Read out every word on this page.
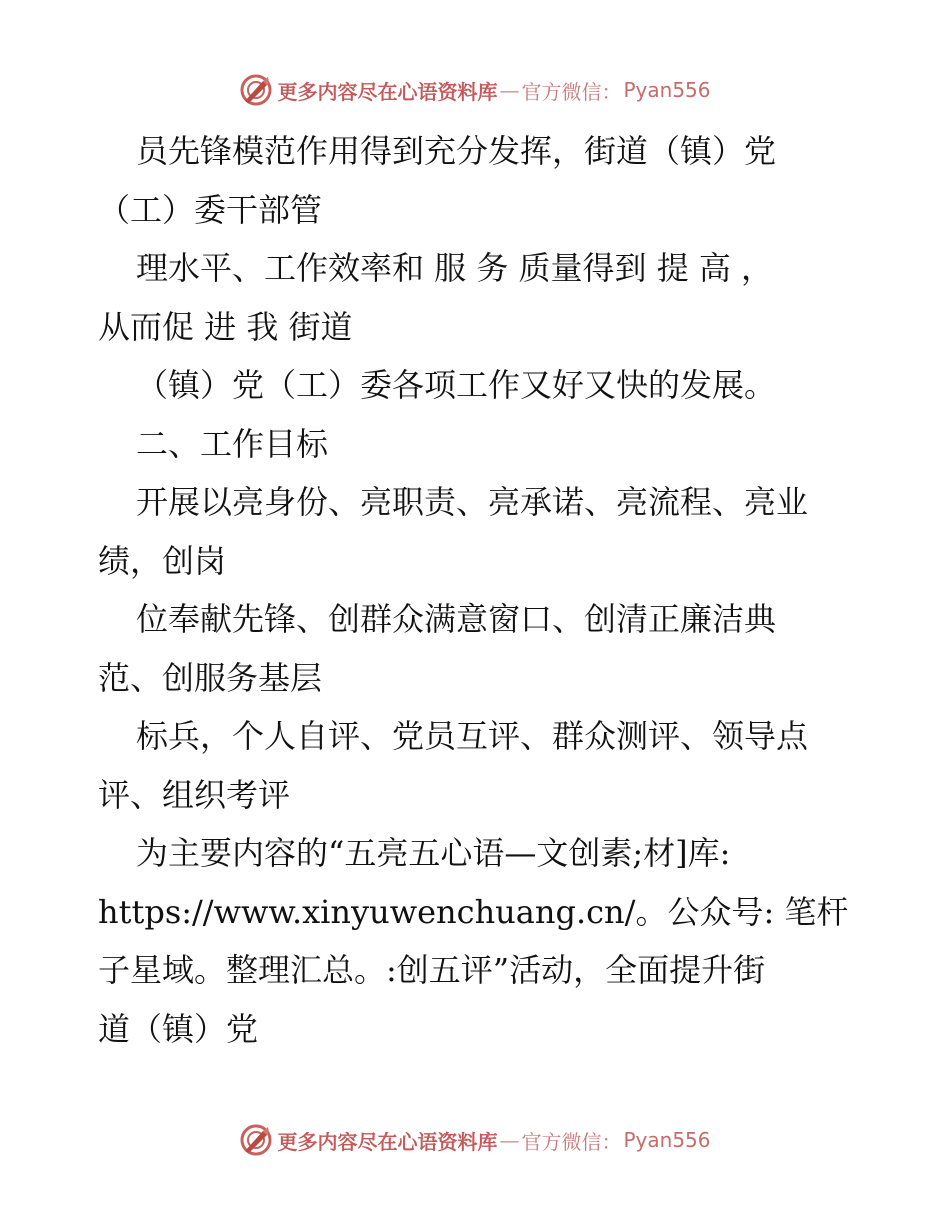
更多内容尽在心语资料库 — 官方微信： Pyan556
员先锋模范作用得到充分发挥，街道（镇）党
（工）委干部管
理水平、工作效率和 服 务 质量得到 提 高 ，
从而促 进 我 街道
（镇）党（工）委各项工作又好又快的发展。
二、工作目标
开展以亮身份、亮职责、亮承诺、亮流程、亮业
绩，创岗
位奉献先锋、创群众满意窗口、创清正廉洁典
范、创服务基层
标兵，个人自评、党员互评、群众测评、领导点
评、组织考评
为主要内容的“五亮五心语—文创素;材]库:
https://www.xinyuwenchuang.cn/。公众号: 笔杆
子星域。整理汇总。:创五评”活动，全面提升街
道（镇）党
更多内容尽在心语资料库 — 官方微信： Pyan556
